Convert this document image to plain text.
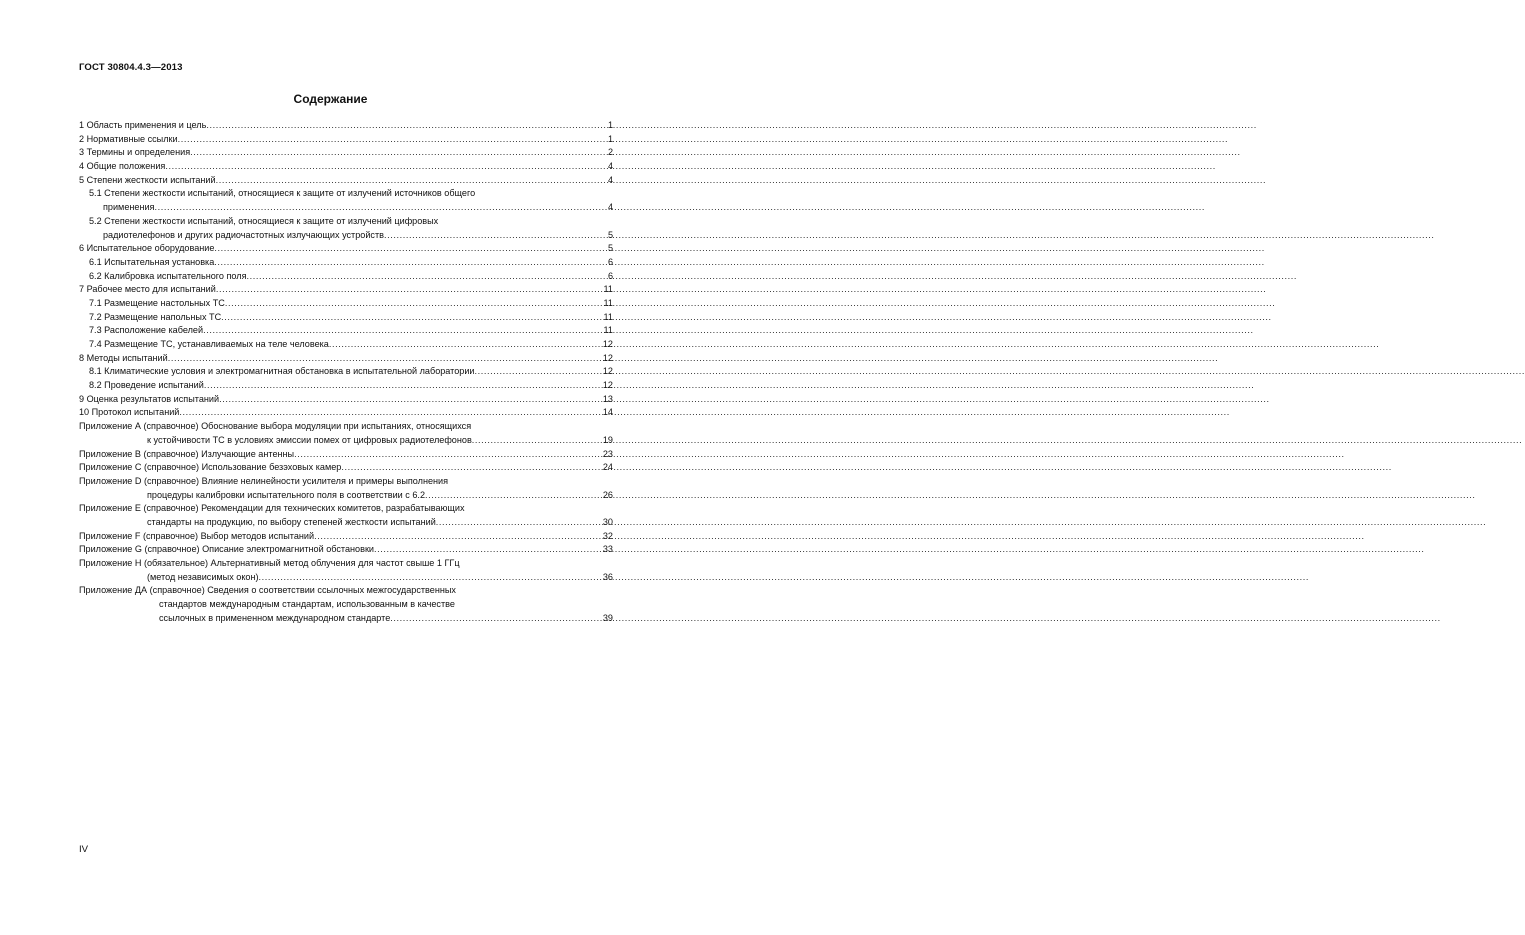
ГОСТ 30804.4.3—2013
Содержание
1 Область применения и цель .....	1
2 Нормативные ссылки .....	1
3 Термины и определения .....	2
4 Общие положения .....	4
5 Степени жесткости испытаний .....	4
5.1 Степени жесткости испытаний, относящиеся к защите от излучений источников общего
применения .....	4
5.2 Степени жесткости испытаний, относящиеся к защите от излучений цифровых
радиотелефонов и других радиочастотных излучающих устройств .....	5
6 Испытательное оборудование .....	5
6.1 Испытательная установка .....	6
6.2 Калибровка испытательного поля .....	6
7 Рабочее место для испытаний .....	11
7.1 Размещение настольных ТС .....	11
7.2 Размещение напольных ТС .....	11
7.3 Расположение кабелей .....	11
7.4 Размещение ТС, устанавливаемых на теле человека .....	12
8 Методы испытаний .....	12
8.1 Климатические условия и электромагнитная обстановка в испытательной лаборатории .....	12
8.2 Проведение испытаний .....	12
9 Оценка результатов испытаний .....	13
10 Протокол испытаний .....	14
Приложение А (справочное) Обоснование выбора модуляции при испытаниях, относящихся
к устойчивости ТС в условиях эмиссии помех от цифровых радиотелефонов .....	19
Приложение В (справочное) Излучающие антенны .....	23
Приложение С (справочное) Использование безэховых камер .....	24
Приложение D (справочное) Влияние нелинейности усилителя и примеры выполнения
процедуры калибровки испытательного поля в соответствии с 6.2 .....	26
Приложение Е (справочное) Рекомендации для технических комитетов, разрабатывающих
стандарты на продукцию, по выбору степеней жесткости испытаний .....	30
Приложение F (справочное) Выбор методов испытаний .....	32
Приложение G (справочное) Описание электромагнитной обстановки .....	33
Приложение Н (обязательное) Альтернативный метод облучения для частот свыше 1 ГГц
(метод независимых окон) .....	36
Приложение ДА (справочное) Сведения о соответствии ссылочных межгосударственных
стандартов международным стандартам, использованным в качестве
ссылочных в примененном международном стандарте .....	39
IV
